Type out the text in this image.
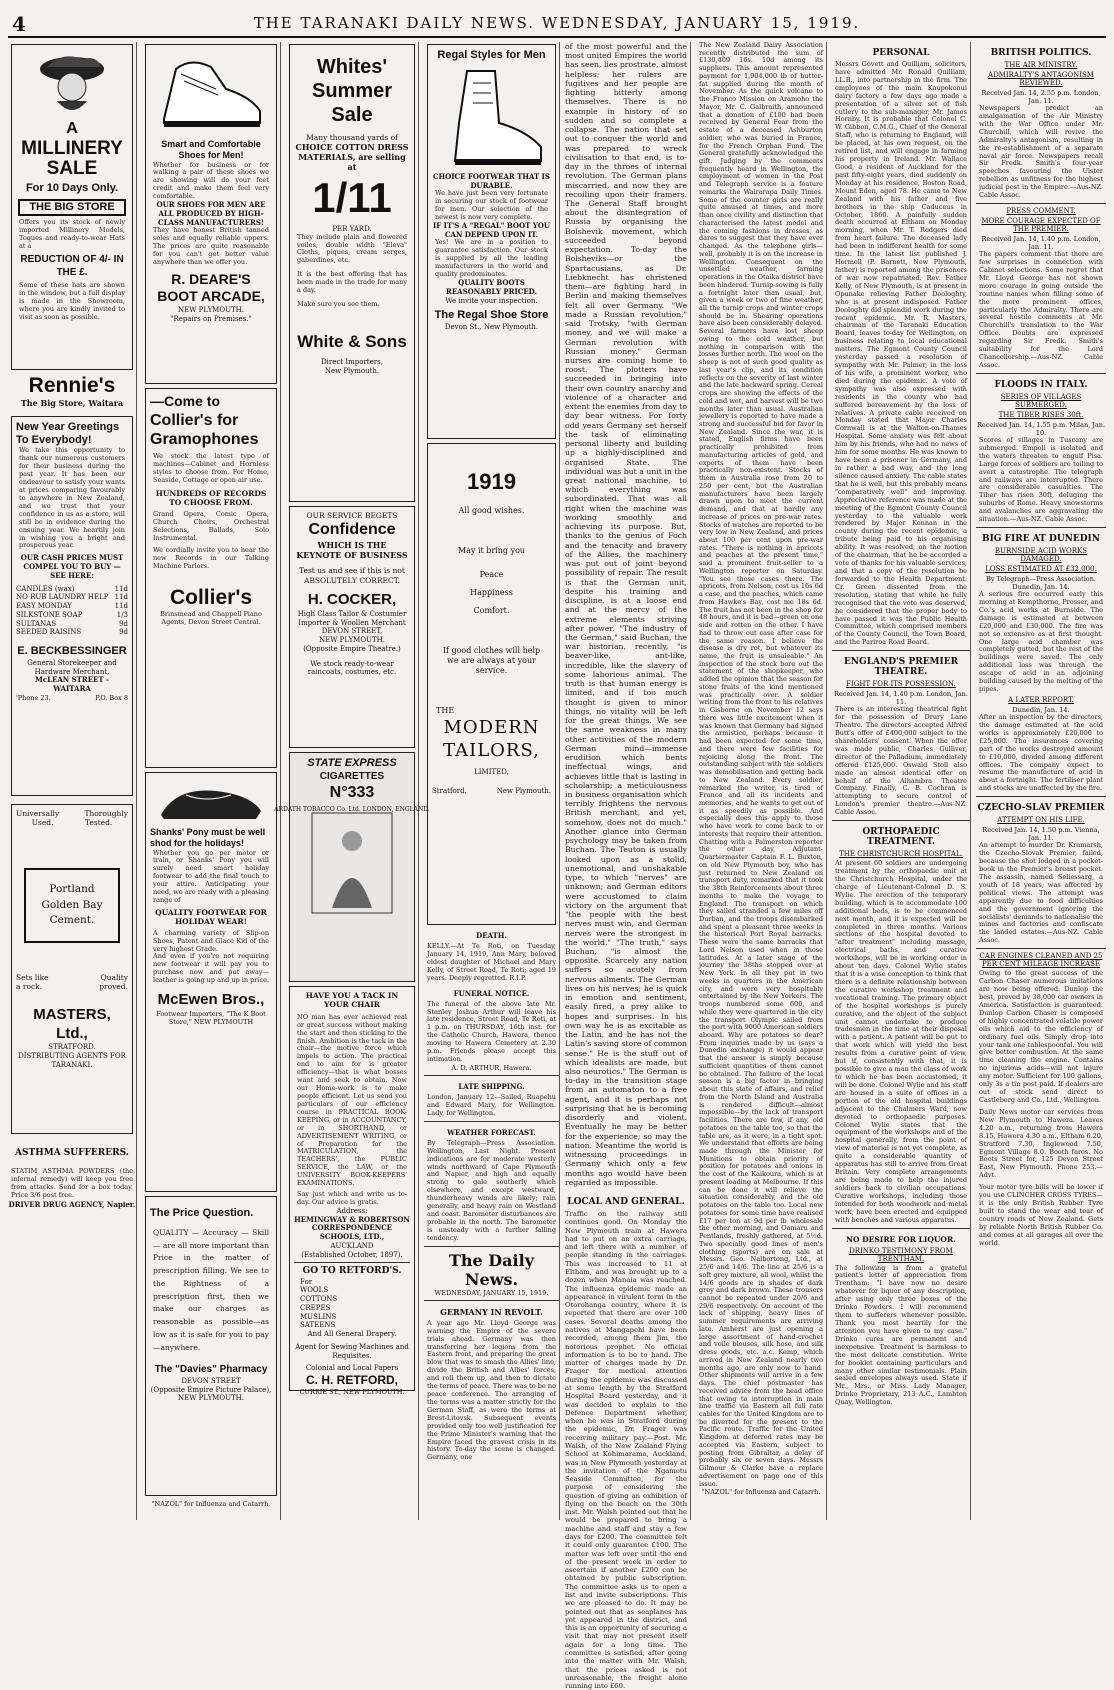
4	THE TARANAKI DAILY NEWS. WEDNESDAY, JANUARY 15, 1919.
A
MILLINERY SALE
For 10 Days Only.
THE BIG STORE
Offers you its stock of newly imported Millinery Models, Toques and ready-to-wear Hats at a
REDUCTION OF 4/- IN THE £.
Some of these hats are shown in the window, but a full display is made in the Showroom, where you are kindly invited to visit as soon as possible.
Rennie's
The Big Store, Waitara
New Year Greetings To Everybody!
We take this opportunity to thank our numerous customers for their business during the past year. It has been our endeavour to satisfy your wants at prices comparing favourably to anywhere in New Zealand, and we trust that your confidence in us as a store, will still be in evidence during the ensuing year. We heartily join in wishing you a bright and prosperous year.
OUR CASH PRICES MUST COMPEL YOU TO BUY —SEE HERE:
CANDLES (wax)	11d
NO RUB LAUNDRY HELP	11d
EASY MONDAY	11d
SILKSTONE SOAP	1/3
SULTANAS	9d
SEEDED RAISINS	9d
E. BECKBESSINGER
General Storekeeper and Hardware Merchant,
McLEAN STREET - WAITARA
'Phone 23.	P.O. Box 8
Universally	Thoroughly
Used.	Tested.
Portland Golden Bay Cement.
Sets like	Quality
a rock.	proved.
MASTERS, Ltd.,
STRATFORD.
DISTRIBUTING AGENTS FOR TARANAKI.
ASTHMA SUFFERERS.
STATIM ASTHMA POWDERS (the infernal remedy) will keep you free from attacks. Send for a box today. Price 3/6 post free.
DRIVER DRUG AGENCY, Napier.
Smart and Comfortable Shoes for Men!
Whether for business or for walking a pair of these shoes we are showing will do your feet credit and make them feel very comfortable.
OUR SHOES FOR MEN ARE ALL PRODUCED BY HIGH-CLASS MANUFACTURERS!
They have honest British tanned soles and equally reliable uppers. The prices are quite reasonable for you can't get better value anywhere than we offer you.
R. DEARE'S BOOT ARCADE,
NEW PLYMOUTH.
"Repairs on Premises."
—Come to
Collier's for Gramophones
We stock the latest type of machines—Cabinet and Hornless styles to choose from. For Home, Seaside, Cottage or open air use.
HUNDREDS OF RECORDS TO CHOOSE FROM.
Grand Opera, Comic Opera, Church Choirs, Orchestral Selections, Ballads, Solo Instrumental.
We cordially invite you to hear the new Records in our Talking Machine Parlors.
Collier's
Brinsmead and Chappell Piano Agents, Devon Street Central.
Shanks' Pony must be well shod for the holidays!
Whether you go per motor or train, or Shanks' Pony you will surely need smart holiday footwear to add the final touch to your attire. Anticipating your need, we are ready with a pleasing range of
QUALITY FOOTWEAR FOR HOLIDAY WEAR!
A charming variety of Slip-on Shoes, Patent and Glace Kid of the very highest Grade.
And even if you're not requiring new footwear it will pay you to purchase now and put away—leather is going up and up in price.
McEwen Bros.,
Footwear Importers, "The K Boot Store," NEW PLYMOUTH
The Price Question.
QUALITY — Accuracy — Skill — are all more important than Price in the matter of prescription filling. We see to the Rightness of a prescription first, then we make our charges as reasonable as possible—as low as it is safe for you to pay—anywhere.
The "Davies" Pharmacy
DEVON STREET
(Opposite Empire Picture Palace),
NEW PLYMOUTH.
"NAZOL" for Influenza and Catarrh.
Whites' Summer Sale
Many thousand yards of
CHOICE COTTON DRESS MATERIALS, are selling at
1/11
PER YARD.
They include plain and flowered voiles, double width "Eleva" Cloths, piques, cream serges, gaberdines, etc.
It is the best offering that has been made in the trade for many a day.
Make sure you see them.
White & Sons
Direct Importers,
New Plymouth.
OUR SERVICE BEGETS
Confidence
WHICH IS THE KEYNOTE OF BUSINESS
Test us and see if this is not ABSOLUTELY CORRECT.
H. COCKER,
High Class Tailor & Costumier Importer & Woollen Merchant
DEVON STREET,
NEW PLYMOUTH.
(Opposite Empire Theatre.)
We stock ready-to-wear raincoats, costumes, etc.
STATE EXPRESS
CIGARETTES
N°333
ARDATH TOBACCO Co. Ltd. LONDON, ENGLAND.
HAVE YOU A TACK IN YOUR CHAIR
NO man has ever achieved real or great success without making the start and then sticking to the finish. Ambition is the tack in the chair—the motive force which impels to action. The practical end to aim for is greater efficiency—that is what bosses want and seek to obtain. Now our Home-work is to make people efficient. Let us send you particulars of our efficiency course in PRACTICAL BOOK-KEEPING, or in ACCOUNTANCY, or in SHORTHAND, or ADVERTISEMENT WRITING, or of Preparation for the MATRICULATION, the TEACHERS', the PUBLIC SERVICE, the LAW, or the UNIVERSITY BOOK-KEEPERS' EXAMINATIONS.
Say just which and write us to-day. Our advice is gratis.
Address:
HEMINGWAY & ROBERTSON CORRESPONDENCE SCHOOLS, LTD.,
AUCKLAND
(Established October, 1897).
GO TO RETFORD'S.
For
WOOLS COTTONS CREPES MUSLINS SATEENS
And All General Drapery.
Agent for Sewing Machines and Requisites.
Colonial and Local Papers
C. H. RETFORD,
CURRIE ST., NEW PLYMOUTH.
Regal Styles for Men
CHOICE FOOTWEAR THAT IS DURABLE.
We have just been very fortunate in securing our stock of footwear for men. Our selection of the newest is now very complete.
IF IT'S A "REGAL" BOOT YOU CAN DEPEND UPON IT.
Yes! We are in a position to guarantee satisfaction. Our stock is supplied by all the leading manufacturers in the world and quality predominates.
QUALITY BOOTS REASONABLY PRICED.
We invite your inspection.
The Regal Shoe Store
Devon St., New Plymouth.
1919
All good wishes.
May it bring you
Peace
Happiness
Comfort.
If good clothes will help we are always at your service.
THE
MODERN TAILORS,
LIMITED,
Stratford,	New Plymouth.
DEATH.
KELLY.—At Te Roti, on Tuesday, January 14, 1919, Ann Mary, beloved eldest daughter of Michael and Mary Kelly, of Street Road, Te Roti; aged 19 years. Deeply regretted. R.I.P.
FUNERAL NOTICE.
The funeral of the above late Mr. Stanley Joshua Arthur will leave his late residence, Street Road, Te Roti, at 1 p.m. on THURSDAY, 16th inst. for the Catholic Church, Hawera, thence moving to Hawera Cemetery at 2.30 p.m. Friends please accept this intimation.
A. D. ARTHUR, Hawera.
LATE SHIPPING.
London, January 12—Sailed, Ruapehu and Edward Mary, for Wellington. Lady, for Wellington.
WEATHER FORECAST.
By Telegraph—Press Association. Wellington, Last Night. Present indications are for moderate westerly winds northward of Cape Plymouth and Napier, and high and equally strong to gale southerly which elsewhere, and except westward, thunderheavy winds are likely; rain generally, and heavy rain on Westland and coast. Barometer disturbances are probable in the north. The barometer is unsteady with a further falling tendency.
The Daily News.
WEDNESDAY, JANUARY 15, 1919.
GERMANY IN REVOLT.
A year ago Mr. Lloyd George was warning the Empire of the severe trials ahead. Germany was then transferring her legions from the Eastern front, and preparing the great blow that was to smash the Allies' line, divide the British and Allies' forces, and roll them up, and then to dictate the terms of peace. There was to be no peace conference. The arranging of the terms was a matter strictly for the German Staff, as were the terms at Brest-Litovsk. Subsequent events provided only too well justification for the Prime Minister's warning that the Empire faced the gravest crisis in its history. To-day the scene is changed. Germany, one
of the most powerful and the most united Empires the world has seen, lies prostrate, almost helpless; her rulers are fugitives and her people are fighting bitterly among themselves. There is no example in history of so sudden and so complete a collapse. The nation that set out to conquer the world and was prepared to wreck civilisation to that end, is to-day in the throes of internal revolution. The German plans miscarried, and now they are recoiling upon their framers. The General Staff brought about the disintegration of Russia by organising the Bolshevik movement, which succeeded beyond expectation. To-day the Bolsheviks—or the Spartacusians, as Dr. Liebknecht has christened them—are fighting hard in Berlin and making themselves felt all over Germany. "We made a Russian revolution," said Trotsky, "with German money, and we will make a German revolution with Russian money." German nurses are coming home to roost. The plotters have succeeded in bringing into their own country anarchy and violence of a character and extent the enemies from day to day bear witness. For forty odd years Germany set herself the task of eliminating personal liberty and building up a highly-disciplined and organised State. The individual was but a unit in the great national machine, to which everything was subordinated. That was all right when the machine was working smoothly and achieving its purpose. But, thanks to the genius of Foch and the tenacity and bravery of the Allies, the machinery was put out of joint beyond possibility of repair. The result is that the German unit, despite his training and discipline, is at a loose end and at the mercy of the extreme elements striving after power. "The industry of the German," said Buchan, the war historian, recently, "is beaver-like, ant-like, incredible, like the slavery of some laborious animal. The truth is that human energy is limited, and if too much thought is given to minor things, no vitality will be left for the great things. We see the same weakness in many other activities of the modern German mind—immense erudition which bents ineffectual wings, and achieves little that is lasting in scholarship; a meticulousness in business organisation which terribly frightens the nervous British merchant, and yet, somehow, does not do much." Another glance into German psychology may be taken from Buchan. The Teuton is usually looked upon as a stolid, unemotional, and unshakable type, to which "nerves" are unknown; and German editors were accustomed to claim victory on the argument that "the people with the best nerves must win, and German nerves were the strongest in the world." "The truth," says Buchan, "is almost the opposite. Scarcely any nation suffers so acutely from nervous ailments. The German lives on his nerves; he is quick in emotion and sentiment, easily fired, a prey alike to hopes and surprises. In his own way he is as excitable as the Latin, and he has not the Latin's saving store of common sense." He is the stuff out of which idealists are made, but also neurotics." The German is to-day in the transition stage from an automaton to a free agent, and it is perhaps not surprising that he is becoming disorderly and violent. Eventually he may be better for the experience; so may the nation. Meantime the world is witnessing proceedings in Germany which only a few months ago would have been regarded as impossible.
LOCAL AND GENERAL.
Traffic on the railway still continues good. On Monday the New Plymouth train at Hawera had to put on an extra carriage, and left there with a number of people standing in the carriages. This was increased to 11 at Eltham, and was brought up to a dozen when Manaia was reached. The influenza epidemic made an appearance in virulent form in the Otorohanga country, where it is reported that there are over 100 cases. Several deaths among the natives at Mangapehi have been recorded, among them Jim, the notorious prophet. No official information is to be to hand. The matter of charges made by Dr. Frager for medical attention during the epidemic was discussed at some length by the Stratford Hospital Board yesterday, and it was decided to explain to the Defence Department whether, when he was in Stratford during the epidemic, Dr. Frager was receiving military pay.—Post. Mr. Walsh, of the New Zealand Flying School at Kohimarama, Auckland, was in New Plymouth yesterday at the invitation of the Ngamotu Seaside Committee, for the purpose of considering the question of giving an exhibition of flying on the beach on the 30th inst. Mr. Walsh pointed out that he would be prepared to bring a machine and staff and stay a few days for £200. The committee felt it could only guarantee £100. The matter was left over until the end of the present week in order to ascertain if another £200 can be obtained by public subscription. The committee asks us to open a list and invite subscriptions. This we are pleased to do. It may be pointed out that as seaplanes has yet appeared in the district, and this is an opportunity of securing a visit that may not present itself again for a long time. The committee is satisfied, after going into the matter with Mr. Walsh, that the prices asked is not unreasonable, the freight alone running into £60.
The New Zealand Dairy Association recently distributed the sum of £130,409 16s. 10d among its suppliers. This amount represented payment for 1,904,000 lb of butter-fat supplied during the month of November. As the quick volcano to the Franco Mission on Aramoho the Mayor, Mr. C. Galbraith, announced that a donation of £100 had been received by General Fear from the estate of a deceased Ashburton soldier, who was buried in France, for the French Orphan Fund. The General gratefully acknowledged the gift. Judging by the comments frequently heard in Wellington, the employment of women in the Post and Telegraph service is a feature remarks the Wairarapa Daily Times. Some of the counter girls are really quite amused at times, and more than once civility and distinction that characterised the latest model and the coming fashions in dresses, as dares to suggest that they have ever changed. As the telephone girls—well, probably it is on the increase in Wellington. Consequent on the unsettled weather, farming operations in the Otaika district have been hindered. Turnip-sowing is fully a fortnight later than usual, but, given a week or two of fine weather, all the turnip crops and winter crops should be in. Shearing operations have also been considerably delayed. Several farmers have lost sheep owing to the cold weather, but nothing in comparison with the losses further north. The wool on the sheep is not of such good quality as last year's clip, and its condition reflects on the severity of last winter and the late backward spring. Cereal crops are showing the effects of the cold and wet, and harvest will be two months later than usual. Australian jewellery is reported to have made a strong and successful bid for favor in New Zealand. Since the war, it is stated, English firms have been practically prohibited from manufacturing articles of gold, and exports of them have been practically non-existent. Stocks of them in Australia rose from 20 to 250 per cent, but the Australian manufacturers have been largely drawn upon to meet the current demand, and that at hardly any increase of prices on pre-war rates. Stocks of watches are reported to be very low in New Zealand, and prices about 100 per cent upon pre-war rates. "There is nothing in apricots and peaches at the present time," said a prominent fruit-seller to a Wellington reporter on Saturday. "You see those cases there. The apricots, from Nelson, cost us 16s 6d a case, and the peaches, which came from Hawke's Bay, cost me 18s 6d. The fruit has not been in the shop for 48 hours, and it is bad—green on one side and rotten on the other. I have had to throw out case after case for the same reason. I believe the disease is dry rot, but whatever its name, the fruit is unsaleable." An inspection of the stock bore out the statement of the shopkeeper, who added the opinion that the season for stone fruits of the kind mentioned was practically over. A soldier writing from the front to his relatives in Gisborne on November 12 says there was little excitement when it was known that Germany had signed the armistice, perhaps because it had been expected for some time, and there were few facilities for rejoicing along the front. The outstanding subject with the soldiers was demobilisation and getting back to New Zealand. Every soldier, remarked the writer, is tired of France and all its incidents and memories, and he wants to get out of it as speedily as possible. And especially does this apply to those who have work to come back to or interests that require their attention. Chatting with a Palmerston reporter the other day, Adjutant-Quartermaster Captain F. L. Buxton, on old New Plymouth boy, who has just returned to New Zealand on transport duty, remarked that it took the 38th Reinforcements about three months to make the voyage to England. The transport on which they sailed stranded a few miles off Durban, and the troops disembarked and spent a pleasant three weeks in the historical Port Royal barracks. These were the same barracks that Lord Nelson used when in those latitudes. At a later stage of the journey the 38ths stopped over at New York. In all they put in two weeks in quarters in the American city, and were very hospitably entertained by the New Yorkers. The troops numbered some 600, and while they were quartered in the city the transport Olympic sailed from the port with 9000 American soldiers aboard. Why are potatoes so dear? From inquiries made by us (says a Dunedin exchange) it would appear that the answer is simply because sufficient quantities of them cannot be obtained. The failure of the local season is a big factor in bringing about this state of affairs, and relief from the North Island and Australia is rendered difficult—almost impossible—by the lack of transport facilities. There are few, if any, old potatoes on the table too, so that the table are, as it were, in a tight spot. We understand that efforts are being made through the Minister for Munitions to obtain priority of position for potatoes and onions in the cost of the Kaikoura, which is at present loading at Melbourne. If this can be done it will relieve the situation considerably, and the old potatoes on the table too. Local new potatoes for some time have realised £17 per ton at 9d per lb wholesale the other morning, and Oamaru and Pentlands, freshly gathered, at 5½d. Two specially good lines of men's clothing (sports) are on sale at Messrs. Geo. Nalbortong, Ltd., at 25/6 and 14/6. The line at 25/6 is a soft grey mixture, all wool, whilst the 14/6 goods are in shades of dark grey and dark brown. These trousers cannot be repeated under 20/6 and 29/6 respectively. On account of the lack of shipping, heavy lines of summer requirements are arriving late. Amherst are just opening a large assortment of hand-crochet and voile blouses, silk hose, and silk dress goods, etc. a.c. Kemp, which arrived in New Zealand nearly two months ago, are only now to hand. Other shipments will arrive in a few days. The chief postmaster has received advice from the head office that owing to interruption in main line traffic via Eastern all full rate cables for the United Kingdom are to be diverted for the present to the Pacific route. Traffic for the United Kingdom at deferred rates may be accepted via Eastern, subject to posting from Gibraltar, a delay of probably six or seven days. Messrs Gilmour & Clarke have a replace advertisement on page one of this issue.
"NAZOL" for Influenza and Catarrh.
PERSONAL
Messrs Govett and Quilliam, solicitors, have admitted Mr. Ronald Quilliam, LL.B., into partnership in the firm. The employees of the main Kaupokonui dairy factory a few days ago made a presentation of a silver set of fish cutlery to the sub-manager, Mr. James Hornby. It is probable that Colonel C. W. Gibbon, C.M.G., Chief of the General Staff, who is returning to England, will be placed, at his own request, on the retired list, and will engage in farming his property in Ireland. Mr. Wallace Good, a resident of Auckland for the past fifty-eight years, died suddenly on Monday at his residence, Boston Road, Mount Eden, aged 78. He came to New Zealand with his father and five brothers in the ship Caduceus in October, 1860. A painfully sudden death occurred at Eltham on Monday morning, when Mr. T. Rodgers died from heart failure. The deceased lady had been in indifferent health for some time. In the latest list published J. Hormell (P. Barnett, New Plymouth, father) is reported among the prisoners of war now repatriated. Rev. Father Kelly, of New Plymouth, is at present in Opunake relieving Father Doologhty, who is at present indisposed. Father Doologhty did splendid work during the recent epidemic. Mr. R. Masters, chairman of the Taranaki Education Board, leaves to-day for Wellington, on business relating to local educational matters. The Egmont County Council yesterday passed a resolution of sympathy with Mr. Palmer, in the loss of his wife, a prominent worker, who died during the epidemic. A vote of sympathy was also expressed with residents in the county who had suffered bereavement by the loss of relatives. A private cable received on Monday stated that Major Charles Cornwall is at the Walton-on-Thames Hospital. Some anxiety was felt about him by his friends, who had no news of him for some months. He was known to have been a prisoner in Germany, and in rather a bad way, and the long silence caused anxiety. The cable states that he is well, but this probably means "comparatively well" and improving. Appreciative reference was made at the meeting of the Egmont County Council yesterday to the valuable work rendered by Major Kennan in the county during the recent epidemic, a tribute being paid to his organising ability. It was resolved, on the motion of the chairman, that he be accorded a vote of thanks for his valuable services, and that a copy of the resolution be forwarded to the Health Department. Cr. Green dissented from the resolution, stating that while he fully recognised that the vote was deserved, he considered that the proper body to have passed it was the Public Health Committee, which comprised members of the County Council, the Town Board, and the Pariroa Road Board.
ENGLAND'S PREMIER THEATRE.
FIGHT FOR ITS POSSESSION.
Received Jan. 14, 1.40 p.m. London, Jan. 11.
There is an interesting theatrical fight for the possession of Drury Lane Theatre. The directors accepted Alfred Butt's offer of £400,000 subject to the shareholders' consent. When the offer was made public, Charles Gulliver, director of the Palladium, immediately offered £125,000. Oswald Stoll also made an almost identical offer on behalf of the Alhambra Theatre Company. Finally, C. B. Cochran is attempting to secure control of London's premier theatre.—Aus-NZ. Cable Assoc.
ORTHOPAEDIC TREATMENT.
THE CHRISTCHURCH HOSPITAL.
At present 60 soldiers are undergoing treatment by the orthopaedic unit at the Christchurch Hospital, under the charge of Lieutenant-Colonel D. S. Wylie. The erection of the temporary building, which is to accommodate 100 additional beds, is to be commenced next month, and it is expected will be completed in three months. Various sections of the hospital devoted to "after treatment" including massage, electrical baths, and curative workshops, will be in working order in about ten days. Colonel Wylie states that it is a wise conception to think that there is a definite relationship between the curative workshop treatment and vocational training. The primary object of the hospital workshops is purely curative, and the object of the subject unit cannot undertake to produce tradesmen in the time at their disposal with a patient. A patient will be put to that work which will yield the best results from a curative point of view, but if, consistently with that, it is possible to give a man the class of work to which he has been accustomed, it will be done. Colonel Wylie and his staff are housed in a suite of offices in a portion of the old hospital buildings adjacent to the Chalmers Ward, now devoted to orthopaedic purposes. Colonel Wylie states that the equipment of the workshops and of the hospital generally, from the point of view of material is not yet complete, as quite a considerable quantity of apparatus has still to arrive from Great Britain. Very complete arrangements are being made to help the injured soldiers back to civilian occupations. Curative workshops, including those intended for both woodwork and metal work, have been erected and equipped with benches and various apparatus.
NO DESIRE FOR LIQUOR.
DRINKO TESTIMONY FROM TRENTHAM.
The following is from a grateful patient's letter of appreciation from Trentham: "I have now no desire whatever for liquor of any description, after using only three boxes of the Drinko Powders. I will recommend them to sufferers whenever possible. Thank you most heartily for the attention you have given to my case." Drinko cures are permanent and inexpensive. Treatment is harmless to the most delicate constitution. Write for booklet containing particulars and many other similar testimonials. Plain sealed envelopes always used. State if Mr., Mrs., or Miss. Lady Manager, Drinko Proprietary, 213 A.C., Lambton Quay, Wellington.
BRITISH POLITICS.
THE AIR MINISTRY.
ADMIRALTY'S ANTAGONISM REVIEWED.
Received Jan. 14, 2.55 p.m. London, Jan. 11.
Newspapers predict an amalgamation of the Air Ministry with the War Office under Mr. Churchill, which will revive the Admiralty's antagonism, resulting in the re-establishment of a separate naval air force. Newspapers recall Sir Fredk. Smith's four-year speeches favouring the Ulster rebellion as unfitness for the highest judicial post in the Empire.—Aus-NZ. Cable Assoc.
PRESS COMMENT.
MORE COURAGE EXPECTED OF THE PREMIER.
Received Jan. 14, 1.40 p.m. London, Jan. 11.
The papers comment that there are few surprises in connection with Cabinet selections. Some regret that Mr. Lloyd George has not shown more courage in going outside the routine names when filling some of the more prominent offices, particularly the Admiralty. There are several hostile comments at Mr. Churchill's translation to the War Office. Doubts are expressed regarding Sir Fredk. Smith's suitability for the Lord Chancellorship.—Aus-NZ. Cable Assoc.
FLOODS IN ITALY.
SERIES OF VILLAGES SUBMERGED.
THE TIBER RISES 30ft.
Received Jan. 14, 1.55 p.m. Milan, Jan. 10.
Scores of villages in Tuscany are submerged. Empoli is isolated and the waters threaten to engulf Pisa. Large forces of soldiers are toiling to avert a catastrophe. The telegraph and railways are interrupted. There are considerable casualties. The Tiber has risen 30ft, deluging the suburbs of Rome. Heavy snowstorms and avalanches are aggravating the situation.—Aus-NZ. Cable Assoc.
BIG FIRE AT DUNEDIN
BURNSIDE ACID WORKS DAMAGED.
LOSS ESTIMATED AT £32,000.
By Telegraph—Press Association.
Dunedin, Jan. 14.
A serious fire occurred early this morning at Kempthorne, Prosser, and Co.'s acid works at Burnside. The damage is estimated at between £20,000 and £30,000. The fire was not so extensive as at first thought. One large acid chamber was completely gutted, but the rest of the buildings were saved. The only additional loss was through the escape of acid in an adjoining building caused by the melting of the pipes.
A LATER REPORT.
Dunedin, Jan. 14.
After an inspection by the directors, the damage estimated at the acid works is approximately £20,000 to £25,000. The insurances covering part of the works destroyed amount to £10,000, divided among different offices. The company expect to resume the manufacture of acid in about a fortnight. The fertiliser plant and stocks are unaffected by the fire.
CZECHO-SLAV PREMIER
ATTEMPT ON HIS LIFE.
Received Jan. 14, 1.50 p.m. Vienna, Jan. 11.
An attempt to murder Dr. Kramarsh, the Czecho-Slovak Premier, failed, because the shot lodged in a pocket-book in the Premier's breast pocket. The assassin, named Seliessarg, a youth of 18 years, was affected by political views. The attempt was apparently due to food difficulties and the government ignoring the socialists' demands to nationalise the mines and factories and confiscate the landed estates.—Aus-NZ. Cable Assoc.
CAR ENGINES CLEANED AND 25 PER CENT MILEAGE INCREASE
Owing to the great success of the Carbon Chaser numerous imitations are now being offered. Dunlop the best, proved by 38,000 car owners in America. Satisfaction is guaranteed. Dunlop Carbon Chaser is composed of highly concentrated volatile power oils which aid to the efficiency of ordinary fuel oils. Simply drop into your tank one tablespoonful. You will give better combustion. At the same time cleaning the engine. Contains no injurious acids—will not injure any motor. Sufficient for 100 gallons, only 3s a tin post paid. If dealers are out of stock send direct to Castleberg and Co., Ltd., Wellington.
Daily News motor car services from New Plymouth to Hawera. Leaves 4.20 a.m., returning from Hawera 8.15, Hawera 4.30 a.m., Eltham 6.20, Stratford 7.30, Inglewood 7.50, Egmont Village 8.0. Booth fares. No Boots Street for, 125 Devon Street East, New Plymouth. Phone 253.—Advt.
Your motor tyre bills will be lower if you use CLINCHER CROSS TYRES—it is the only British Rubber Tyre built to stand the wear and tear of country roads of New Zealand. Gets by reliable North British Rubber Co. and comes at all garages all over the world.
